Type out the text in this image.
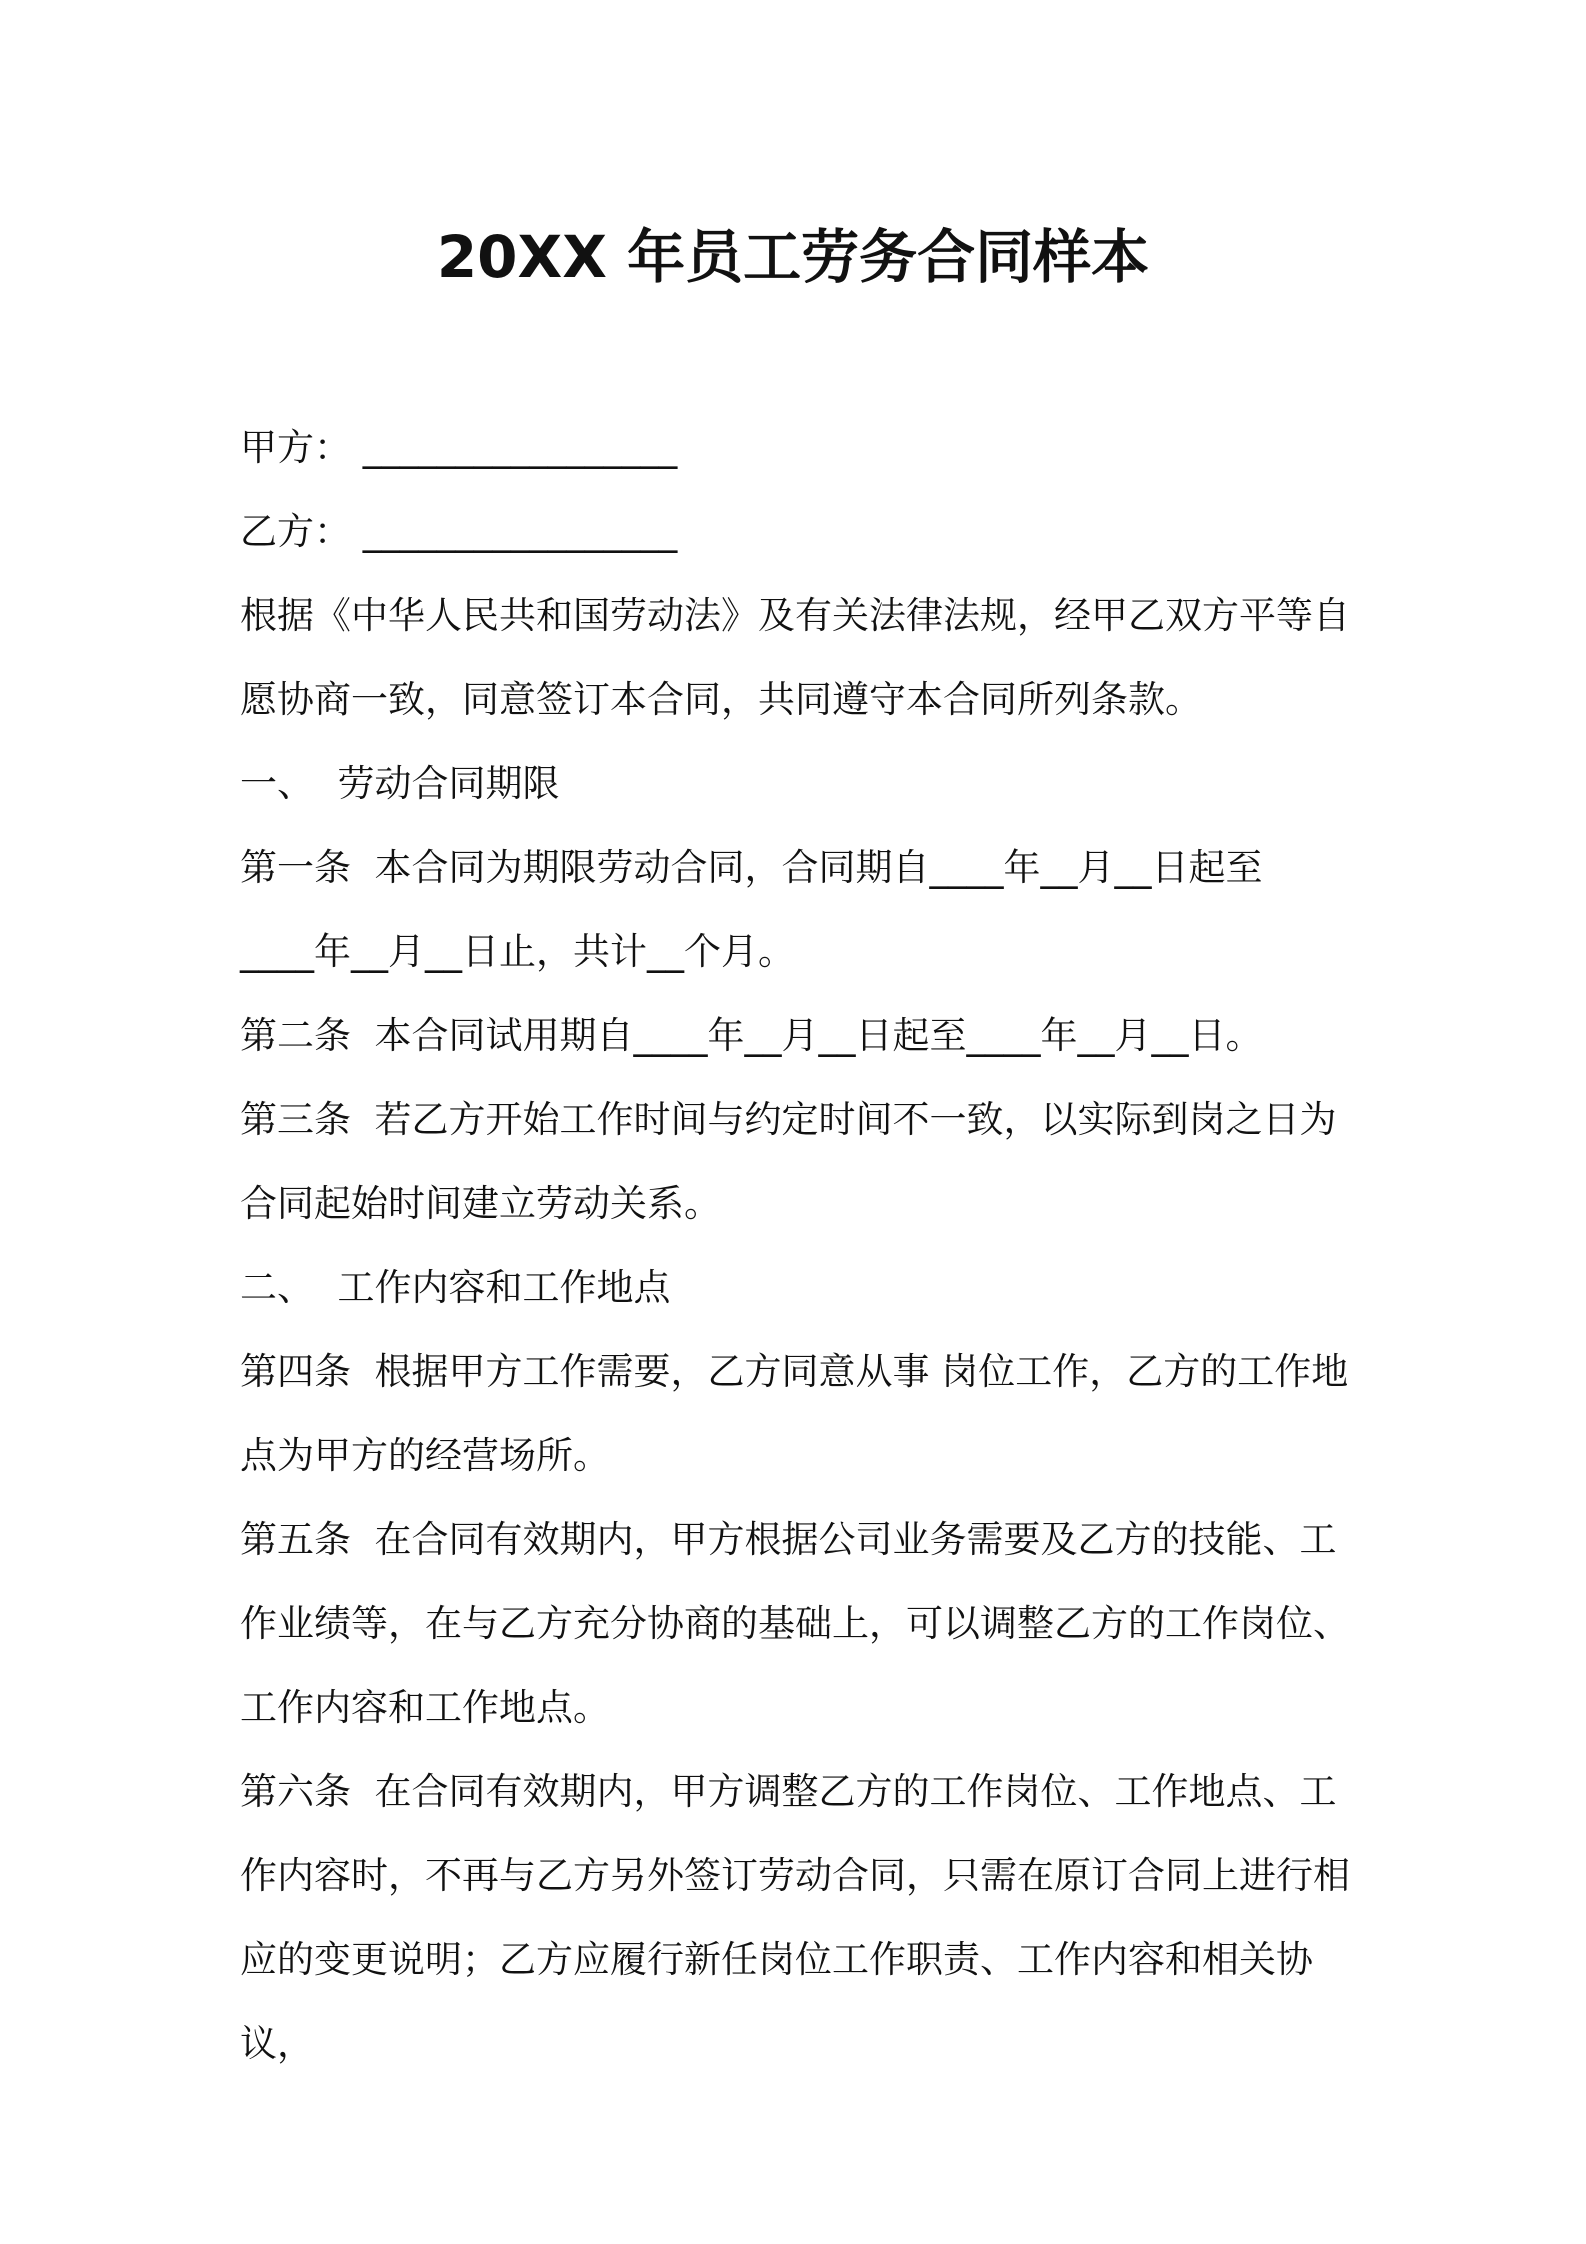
20XX 年员工劳务合同样本

甲方： _________________

乙方： _________________

根据《中华人民共和国劳动法》及有关法律法规，经甲乙双方平等自

愿协商一致，同意签订本合同，共同遵守本合同所列条款。

一、  劳动合同期限

第一条  本合同为期限劳动合同，合同期自____年__月__日起至

____年__月__日止，共计__个月。

第二条  本合同试用期自____年__月__日起至____年__月__日。

第三条  若乙方开始工作时间与约定时间不一致，以实际到岗之日为

合同起始时间建立劳动关系。

二、  工作内容和工作地点

第四条  根据甲方工作需要，乙方同意从事 岗位工作，乙方的工作地

点为甲方的经营场所。

第五条  在合同有效期内，甲方根据公司业务需要及乙方的技能、工

作业绩等，在与乙方充分协商的基础上，可以调整乙方的工作岗位、

工作内容和工作地点。

第六条  在合同有效期内，甲方调整乙方的工作岗位、工作地点、工

作内容时，不再与乙方另外签订劳动合同，只需在原订合同上进行相

应的变更说明；乙方应履行新任岗位工作职责、工作内容和相关协议，
